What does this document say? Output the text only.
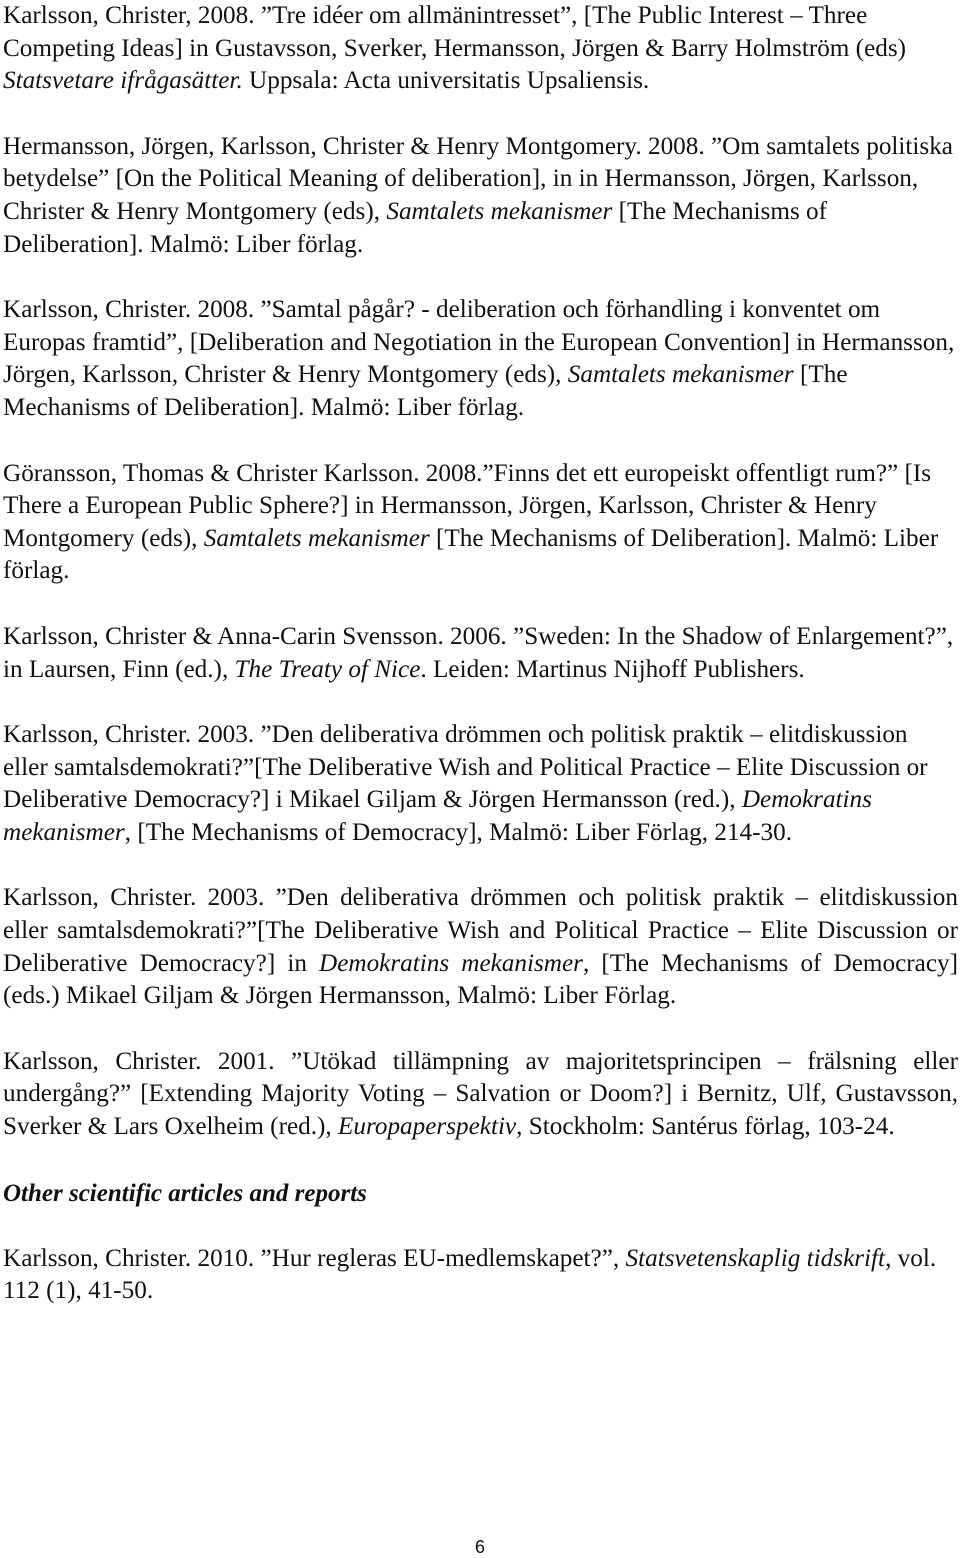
Karlsson, Christer, 2008. ”Tre idéer om allmänintresset”, [The Public Interest – Three Competing Ideas] in Gustavsson, Sverker, Hermansson, Jörgen & Barry Holmström (eds) Statsvetare ifrågasätter. Uppsala: Acta universitatis Upsaliensis.

Hermansson, Jörgen, Karlsson, Christer & Henry Montgomery. 2008. ”Om samtalets politiska betydelse” [On the Political Meaning of deliberation], in in Hermansson, Jörgen, Karlsson, Christer & Henry Montgomery (eds), Samtalets mekanismer [The Mechanisms of Deliberation]. Malmö: Liber förlag.

Karlsson, Christer. 2008. ”Samtal pågår? - deliberation och förhandling i konventet om Europas framtid”, [Deliberation and Negotiation in the European Convention] in Hermansson, Jörgen, Karlsson, Christer & Henry Montgomery (eds), Samtalets mekanismer [The Mechanisms of Deliberation]. Malmö: Liber förlag.

Göransson, Thomas & Christer Karlsson. 2008.”Finns det ett europeiskt offentligt rum?” [Is There a European Public Sphere?] in Hermansson, Jörgen, Karlsson, Christer & Henry Montgomery (eds), Samtalets mekanismer [The Mechanisms of Deliberation]. Malmö: Liber förlag.

Karlsson, Christer & Anna-Carin Svensson. 2006. ”Sweden: In the Shadow of Enlargement?”, in Laursen, Finn (ed.), The Treaty of Nice. Leiden: Martinus Nijhoff Publishers.

Karlsson, Christer. 2003. ”Den deliberativa drömmen och politisk praktik – elitdiskussion eller samtalsdemokrati?”[The Deliberative Wish and Political Practice – Elite Discussion or Deliberative Democracy?] i Mikael Giljam & Jörgen Hermansson (red.), Demokratins mekanismer, [The Mechanisms of Democracy], Malmö: Liber Förlag, 214-30.

Karlsson, Christer. 2003. ”Den deliberativa drömmen och politisk praktik – elitdiskussion eller samtalsdemokrati?”[The Deliberative Wish and Political Practice – Elite Discussion or Deliberative Democracy?] in Demokratins mekanismer, [The Mechanisms of Democracy] (eds.) Mikael Giljam & Jörgen Hermansson, Malmö: Liber Förlag.

Karlsson, Christer. 2001. ”Utökad tillämpning av majoritetsprincipen – frälsning eller undergång?” [Extending Majority Voting – Salvation or Doom?] i Bernitz, Ulf, Gustavsson, Sverker & Lars Oxelheim (red.), Europaperspektiv, Stockholm: Santérus förlag, 103-24.

Other scientific articles and reports

Karlsson, Christer. 2010. ”Hur regleras EU-medlemskapet?”, Statsvetenskaplig tidskrift, vol. 112 (1), 41-50.

6
